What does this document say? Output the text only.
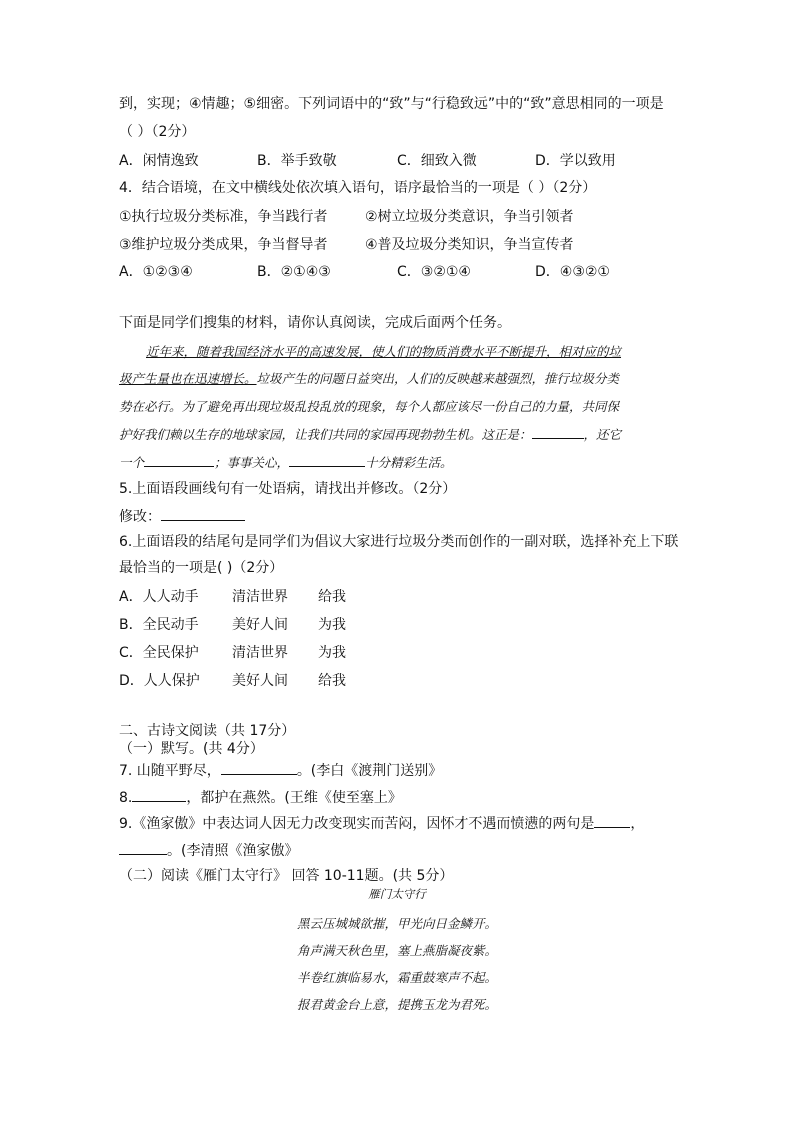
到，实现；④情趣；⑤细密。下列词语中的“致”与“行稳致远”中的“致”意思相同的一项是
（ ）（2分）
A．闲情逸致	B．举手致敬	C．细致入微	D．学以致用
4．结合语境，在文中横线处依次填入语句，语序最恰当的一项是（ ）（2分）
①执行垃圾分类标准，争当践行者	②树立垃圾分类意识，争当引领者
③维护垃圾分类成果，争当督导者	④普及垃圾分类知识，争当宣传者
A．①②③④	B．②①④③	C．③②①④	D．④③②①
下面是同学们搜集的材料，请你认真阅读，完成后面两个任务。
近年来，随着我国经济水平的高速发展，使人们的物质消费水平不断提升，相对应的垃
圾产生量也在迅速增长。垃圾产生的问题日益突出，人们的反映越来越强烈，推行垃圾分类
势在必行。为了避免再出现垃圾乱投乱放的现象，每个人都应该尽一份自己的力量，共同保
护好我们赖以生存的地球家园，让我们共同的家园再现勃勃生机。这正是：	，还它
一个	；事事关心，	十分精彩生活。
5.上面语段画线句有一处语病，请找出并修改。（2分）
修改：
6.上面语段的结尾句是同学们为倡议大家进行垃圾分类而创作的一副对联，选择补充上下联
最恰当的一项是( )（2分）
A．人人动手 清洁世界 给我
B．全民动手 美好人间 为我
C．全民保护 清洁世界 为我
D．人人保护 美好人间 给我
二、古诗文阅读（共 17分）
（一）默写。(共 4分）
7. 山随平野尽，	。(李白《渡荆门送别》
8.	，都护在燕然。(王维《使至塞上》
9.《渔家傲》中表达词人因无力改变现实而苦闷，因怀才不遇而愤懑的两句是	，
。(李清照《渔家傲》
（二）阅读《雁门太守行》 回答 10-11题。(共 5分）
雁门太守行
黑云压城城欲摧，甲光向日金鳞开。
角声满天秋色里，塞上燕脂凝夜紫。
半卷红旗临易水，霜重鼓寒声不起。
报君黄金台上意，提携玉龙为君死。
